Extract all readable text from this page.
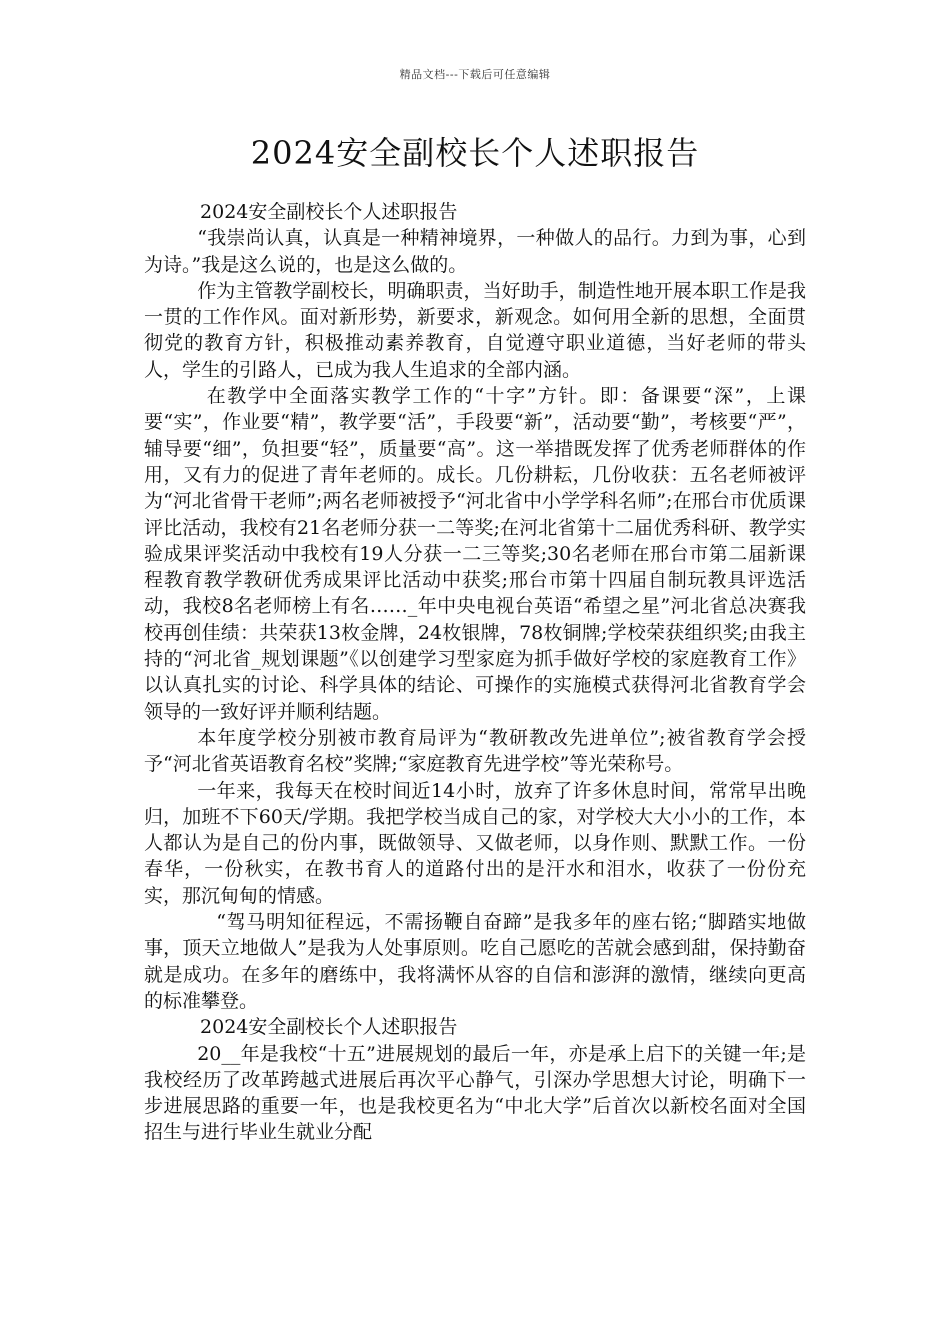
精品文档---下载后可任意编辑
2024安全副校长个人述职报告

2024安全副校长个人述职报告

“我崇尚认真，认真是一种精神境界，一种做人的品行。力到为事，心到为诗。”我是这么说的，也是这么做的。

作为主管教学副校长，明确职责，当好助手，制造性地开展本职工作是我一贯的工作作风。面对新形势，新要求，新观念。如何用全新的思想，全面贯彻党的教育方针，积极推动素养教育，自觉遵守职业道德，当好老师的带头人，学生的引路人，已成为我人生追求的全部内涵。

在教学中全面落实教学工作的“十字”方针。即：备课要“深”，上课要“实”，作业要“精”，教学要“活”，手段要“新”，活动要“勤”，考核要“严”，辅导要“细”，负担要“轻”，质量要“高”。这一举措既发挥了优秀老师群体的作用，又有力的促进了青年老师的。成长。几份耕耘，几份收获：五名老师被评为“河北省骨干老师”;两名老师被授予“河北省中小学学科名师”;在邢台市优质课评比活动，我校有21名老师分获一二等奖;在河北省第十二届优秀科研、教学实验成果评奖活动中我校有19人分获一二三等奖;30名老师在邢台市第二届新课程教育教学教研优秀成果评比活动中获奖;邢台市第十四届自制玩教具评选活动，我校8名老师榜上有名……_年中央电视台英语“希望之星”河北省总决赛我校再创佳绩：共荣获13枚金牌，24枚银牌，78枚铜牌;学校荣获组织奖;由我主持的“河北省_规划课题”《以创建学习型家庭为抓手做好学校的家庭教育工作》以认真扎实的讨论、科学具体的结论、可操作的实施模式获得河北省教育学会领导的一致好评并顺利结题。

本年度学校分别被市教育局评为“教研教改先进单位”;被省教育学会授予“河北省英语教育名校”奖牌;“家庭教育先进学校”等光荣称号。

一年来，我每天在校时间近14小时，放弃了许多休息时间，常常早出晚归，加班不下60天/学期。我把学校当成自己的家，对学校大大小小的工作，本人都认为是自己的份内事，既做领导、又做老师，以身作则、默默工作。一份春华，一份秋实，在教书育人的道路付出的是汗水和泪水，收获了一份份充实，那沉甸甸的情感。

“驾马明知征程远，不需扬鞭自奋蹄”是我多年的座右铭;“脚踏实地做事，顶天立地做人”是我为人处事原则。吃自己愿吃的苦就会感到甜，保持勤奋就是成功。在多年的磨练中，我将满怀从容的自信和澎湃的激情，继续向更高的标准攀登。

2024安全副校长个人述职报告

20__年是我校“十五”进展规划的最后一年，亦是承上启下的关键一年;是我校经历了改革跨越式进展后再次平心静气，引深办学思想大讨论，明确下一步进展思路的重要一年，也是我校更名为“中北大学”后首次以新校名面对全国招生与进行毕业生就业分配
